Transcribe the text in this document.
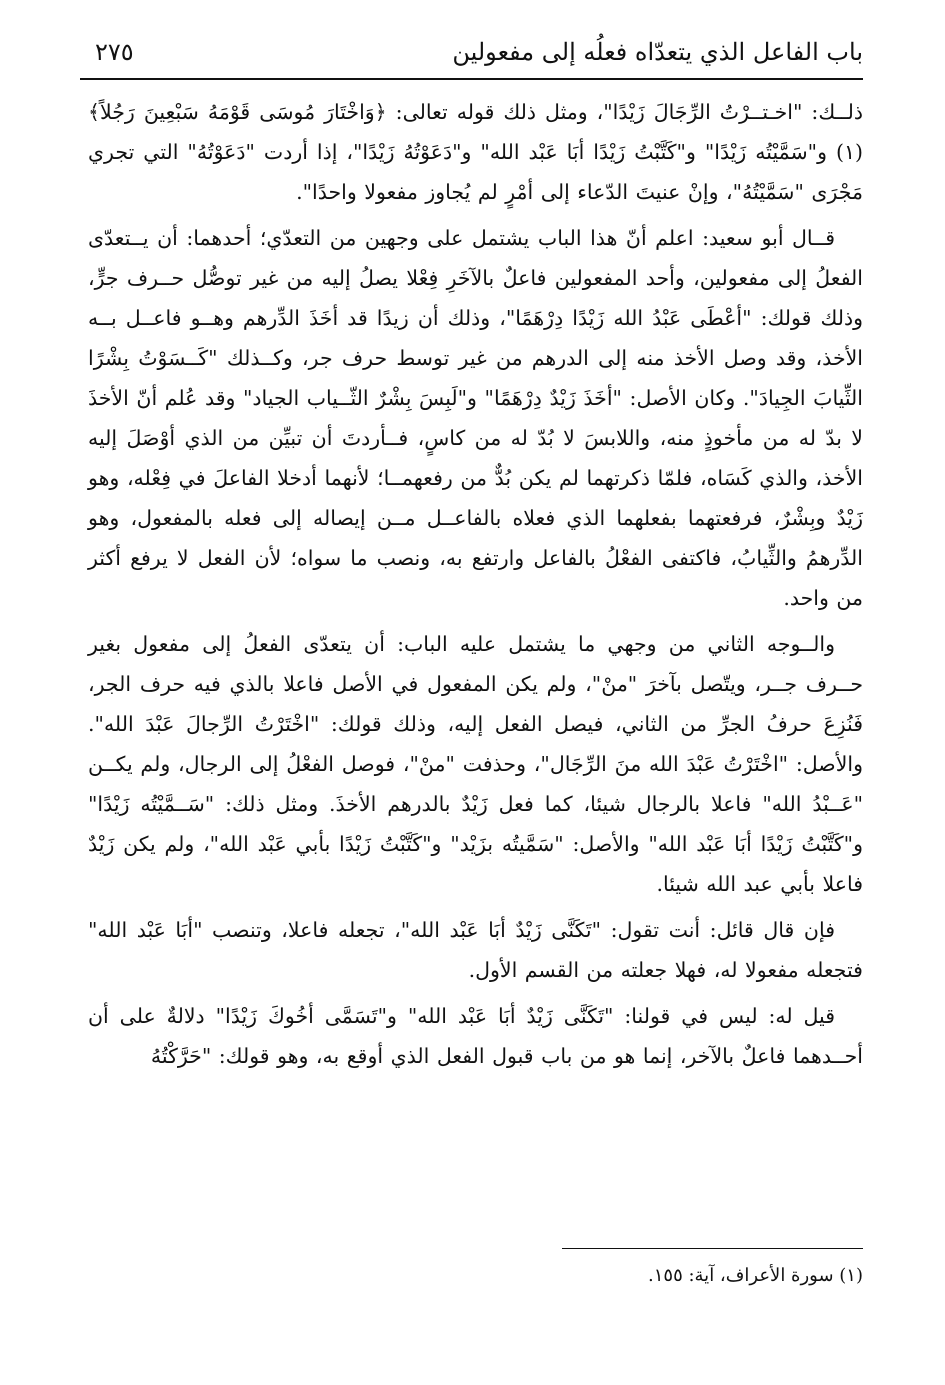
باب الفاعل الذي يتعدّاه فعلُه إلى مفعولين
٢٧٥

ذلــك: "اخـتــرْتُ الرِّجَالَ زَيْدًا"، ومثل ذلك قوله تعالى: ﴿وَاخْتَارَ مُوسَى قَوْمَهُ سَبْعِينَ رَجُلاً﴾ (١) و"سَمَّيْتُه زَيْدًا" و"كَتَّبْتُ زَيْدًا أبَا عَبْد الله" و"دَعَوْتُهُ زَيْدًا"، إذا أردت "دَعَوْتُهُ" التي تجري مَجْرَى "سَمَّيْتُهُ"، وإنْ عنيتَ الدّعاء إلى أمْرٍ لم يُجاوز مفعولا واحدًا".

قــال أبو سعيد: اعلم أنّ هذا الباب يشتمل على وجهين من التعدّي؛ أحدهما: أن يــتعدّى الفعلُ إلى مفعولين، وأحد المفعولين فاعلٌ بالآخَرِ فِعْلا يصلُ إليه من غير توصُّل حــرف جرٍّ، وذلك قولك: "أعْطَى عَبْدُ الله زَيْدًا دِرْهَمًا"، وذلك أن زيدًا قد أخَذَ الدِّرهم وهــو فاعــل بــه الأخذ، وقد وصل الأخذ منه إلى الدرهم من غير توسط حرف جر، وكــذلك "كَــسَوْتُ بِشْرًا الثِّيابَ الجِيادَ". وكان الأصل: "أخَذَ زَيْدٌ دِرْهَمًا" و"لَبِسَ بِشْرٌ الثّــياب الجياد" وقد عُلم أنّ الأخذَ لا بدّ له من مأخوذٍ منه، واللابسَ لا بُدّ له من كاسٍ، فــأردتَ أن تبيِّن من الذي أوْصَلَ إليه الأخذ، والذي كَسَاه، فلمّا ذكرتهما لم يكن بُدٌّ من رفعهمــا؛ لأنهما أدخلا الفاعلَ في فِعْله، وهو زَيْدٌ وبِشْرٌ، فرفعتهما بفعلهما الذي فعلاه بالفاعــل مــن إيصاله إلى فعله بالمفعول، وهو الدِّرهمُ والثِّيابُ، فاكتفى الفعْلُ بالفاعل وارتفع به، ونصب ما سواه؛ لأن الفعل لا يرفع أكثر من واحد.

والــوجه الثاني من وجهي ما يشتمل عليه الباب: أن يتعدّى الفعلُ إلى مفعول بغير حــرف جــر، ويتّصل بآخرَ "منْ"، ولم يكن المفعول في الأصل فاعلا بالذي فيه حرف الجر، فَنُزِعَ حرفُ الجرِّ من الثاني، فيصل الفعل إليه، وذلك قولك: "اخْتَرْتُ الرِّجالَ عَبْدَ الله". والأصل: "اخْتَرْتُ عَبْدَ الله منَ الرِّجَال"، وحذفت "منْ"، فوصل الفعْلُ إلى الرجال، ولم يكــن "عَــبْدُ الله" فاعلا بالرجال شيئا، كما فعل زَيْدٌ بالدرهم الأخذَ. ومثل ذلك: "سَــمَّيْتُه زَيْدًا" و"كَتَّبْتُ زَيْدًا أبَا عَبْد الله" والأصل: "سَمَّيتُه بزَيْد" و"كَتَّبْتُ زَيْدًا بأبي عَبْد الله"، ولم يكن زَيْدٌ فاعلا بأبي عبد الله شيئا.

فإن قال قائل: أنت تقول: "تَكَنَّى زَيْدٌ أبَا عَبْد الله"، تجعله فاعلا، وتنصب "أبَا عَبْد الله" فتجعله مفعولا له، فهلا جعلته من القسم الأول.

قيل له: ليس في قولنا: "تَكَنَّى زَيْدٌ أبَا عَبْد الله" و"تَسَمَّى أخُوكَ زَيْدًا" دلالةٌ على أن أحــدهما فاعلٌ بالآخر، إنما هو من باب قبول الفعل الذي أوقع به، وهو قولك: "حَرَّكْتُهُ

(١) سورة الأعراف، آية: ١٥٥.
